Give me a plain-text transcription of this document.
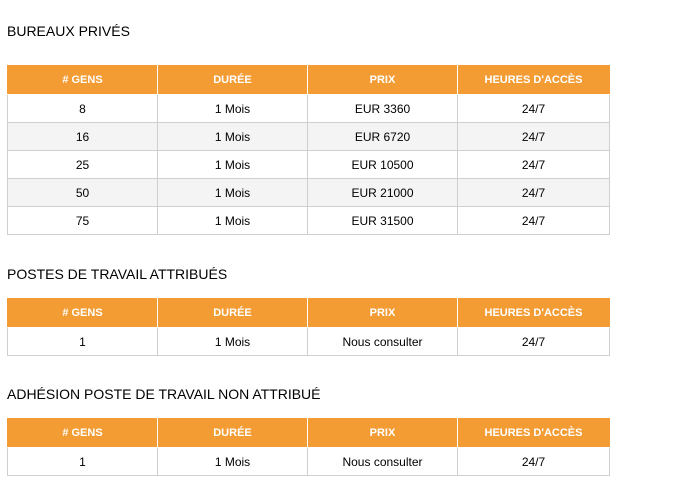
BUREAUX PRIVÉS
# GENS	DURÉE	PRIX	HEURES D'ACCÈS
8	1 Mois	EUR 3360	24/7
16	1 Mois	EUR 6720	24/7
25	1 Mois	EUR 10500	24/7
50	1 Mois	EUR 21000	24/7
75	1 Mois	EUR 31500	24/7
POSTES DE TRAVAIL ATTRIBUÉS
# GENS	DURÉE	PRIX	HEURES D'ACCÈS
1	1 Mois	Nous consulter	24/7
ADHÉSION POSTE DE TRAVAIL NON ATTRIBUÉ
# GENS	DURÉE	PRIX	HEURES D'ACCÈS
1	1 Mois	Nous consulter	24/7
